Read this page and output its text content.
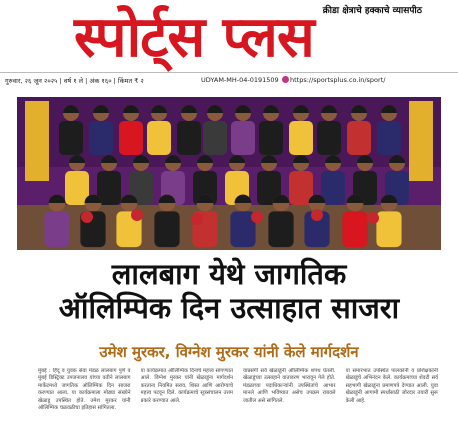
क्रीडा क्षेत्राचे हक्काचे व्यासपीठ
स्पोर्ट्स प्लस
गुरुवार, २६ जून २०२५ | वर्ष १ ले | अंक १६० | किंमत ₹ २	UDYAM-MH-04-0191509 https://sportsplus.co.in/sport/
लालबाग येथे जागतिक
ऑलिम्पिक दिन उत्साहात साजरा
उमेश मुरकर, विग्नेश मुरकर यांनी केले मार्गदर्शन
मुंबई : हिंदू व युवक सेवा मंडळ लालबाग पुणे व मुंबई डिस्ट्रिक्ट उपजनालय यांच्या वतीने लालबाग मार्केटमध्ये जागतिक ऑलिम्पिक दिन साजरा करण्यात आला. या कार्यक्रमाला मोठ्या संख्येने खेळाडू उपस्थित होते. उमेश मुरकर यांनी ऑलिम्पिक चळवळीचा इतिहास सांगितला.
या कार्यक्रमात ऑलिम्पिक दिनाचे महत्त्व सांगण्यात आले. विग्नेश मुरकर यांनी खेळाडूंना मार्गदर्शन करताना नियमित सराव, शिस्त आणि आरोग्याचे महत्त्व पटवून दिले. कार्यक्रमाचे सूत्रसंचालन उत्तम प्रकारे करण्यात आले.
याप्रसंगी सर्व खेळाडूंनी ऑलिम्पिक शपथ घेतली. खेळाडूंच्या उत्साहाने वातावरण भारावून गेले होते. मंडळाच्या पदाधिकाऱ्यांनी उपस्थितांचे आभार मानले आणि भविष्यात असेच उपक्रम राबवले जातील असे सांगितले.
या समारंभात उपस्थित पालकांनी व प्रशिक्षकांनी खेळाडूंचे अभिनंदन केले. कार्यक्रमाच्या शेवटी सर्व सहभागी खेळाडूंना प्रमाणपत्रे देण्यात आली. युवा खेळाडूंनी आगामी स्पर्धांसाठी जोरदार तयारी सुरू केली आहे.
